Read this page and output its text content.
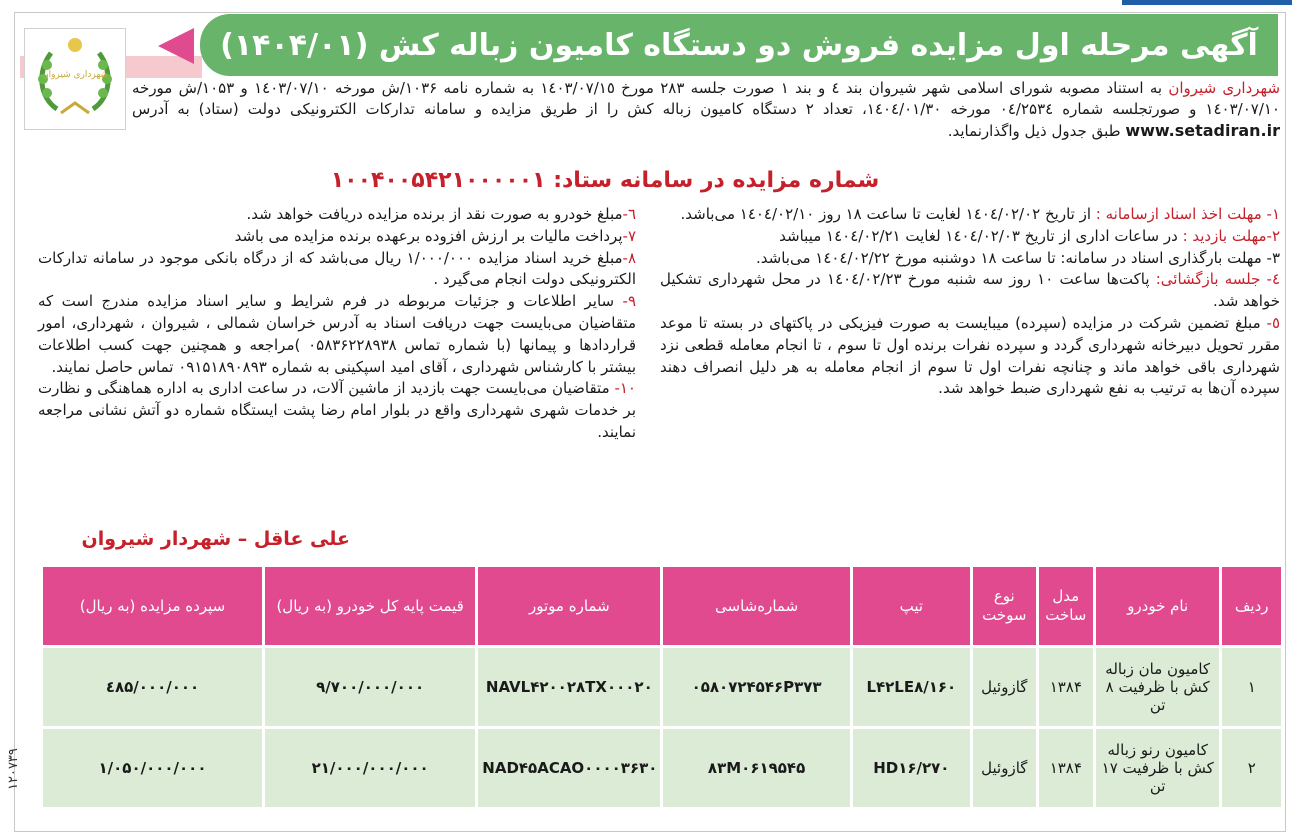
آگهی مرحله اول مزایده فروش دو دستگاه کامیون زباله کش (۱۴۰۴/۰۱)
شهرداری شیروان
شهرداری شیروان به استناد مصوبه شورای اسلامی شهر شیروان بند ٤ و بند ۱ صورت جلسه ۲۸۳ مورخ ۱٤۰۳/۰۷/۱٥ به شماره نامه ۱۰۳۶/ش مورخه ۱٤۰۳/۰۷/۱۰ و ۱۰۵۳/ش مورخه ۱٤۰۳/۰۷/۱۰ و صورتجلسه شماره ۰٤/۲۵۳٤ مورخه ۱٤۰٤/۰۱/۳۰، تعداد ۲ دستگاه کامیون زباله کش را از طریق مزایده و سامانه تدارکات الکترونیکی دولت (ستاد) به آدرس www.setadiran.ir طبق جدول ذیل واگذارنماید.
شماره مزایده در سامانه ستاد: ۱۰۰۴۰۰۵۴۲۱۰۰۰۰۰۱

۱- مهلت اخذ اسناد ازسامانه : از تاریخ ۱٤۰٤/۰۲/۰۲ لغایت تا ساعت ۱۸ روز ۱٤۰٤/۰۲/۱۰ می‌باشد.

۲-مهلت بازدید : در ساعات اداری از تاریخ ۱٤۰٤/۰۲/۰۳ لغایت ۱٤۰٤/۰۲/۲۱ میباشد

۳- مهلت بارگذاری اسناد در سامانه: تا ساعت ۱۸ دوشنبه مورخ ۱٤۰٤/۰۲/۲۲ می‌باشد.

٤- جلسه بازگشائی: پاکت‌ها ساعت ۱۰ روز سه شنبه مورخ ۱٤۰٤/۰۲/۲۳ در محل شهرداری تشکیل خواهد شد.

٥- مبلغ تضمین شرکت در مزایده (سپرده) میبایست به صورت فیزیکی در پاکتهای در بسته تا موعد مقرر تحویل دبیرخانه شهرداری گردد و سپرده نفرات برنده اول تا سوم ، تا انجام معامله قطعی نزد شهرداری باقی خواهد ماند و چنانچه نفرات اول تا سوم از انجام معامله به هر دلیل انصراف دهند سپرده آن‌ها به ترتیب به نفع شهرداری ضبط خواهد شد.

٦-مبلغ خودرو به صورت نقد از برنده مزایده دریافت خواهد شد.

۷-پرداخت مالیات بر ارزش افزوده برعهده برنده مزایده می باشد

۸-مبلغ خرید اسناد مزایده ۱/۰۰۰/۰۰۰ ریال می‌باشد که از درگاه بانکی موجود در سامانه تدارکات الکترونیکی دولت انجام می‌گیرد .

۹- سایر اطلاعات و جزئیات مربوطه در فرم شرایط و سایر اسناد مزایده مندرج است که متقاضیان می‌بایست جهت دریافت اسناد به آدرس خراسان شمالی ، شیروان ، شهرداری، امور قراردادها و پیمانها (با شماره تماس ۰۵۸۳۶۲۲۸۹۳۸ )مراجعه و همچنین جهت کسب اطلاعات بیشتر با کارشناس شهرداری ، آقای امید اسپکینی به شماره ۰۹۱۵۱۸۹۰۸۹۳ تماس حاصل نمایند.

۱۰- متقاضیان می‌بایست جهت بازدید از ماشین آلات، در ساعت اداری به اداره هماهنگی و نظارت بر خدمات شهری شهرداری واقع در بلوار امام رضا پشت ایستگاه شماره دو آتش نشانی مراجعه نمایند.

علی عاقل – شهردار شیروان
ردیف	نام خودرو	مدل ساخت	نوع سوخت	تیپ	شماره‌شاسی	شماره موتور	قیمت پایه کل خودرو (به ریال)	سپرده مزایده (به ریال)
۱	کامیون مان زباله کش با ظرفیت ۸ تن	۱۳۸۴	گازوئیل	L۴۲LE۸/۱۶۰	۰۵۸۰۷۲۴۵۴۶P۳۷۳	NAVL۴۲۰۰۲۸TX۰۰۰۲۰	۹/۷۰۰/۰۰۰/۰۰۰	٤۸۵/۰۰۰/۰۰۰
۲	کامیون رنو زباله کش با ظرفیت ۱۷ تن	۱۳۸۴	گازوئیل	HD۱۶/۲۷۰	۸۳M۰۶۱۹۵۴۵	NAD۴۵ACAO۰۰۰۰۳۶۳۰	۲۱/۰۰۰/۰۰۰/۰۰۰	۱/۰۵۰/۰۰۰/۰۰۰
۱۲۰۷۳۹
